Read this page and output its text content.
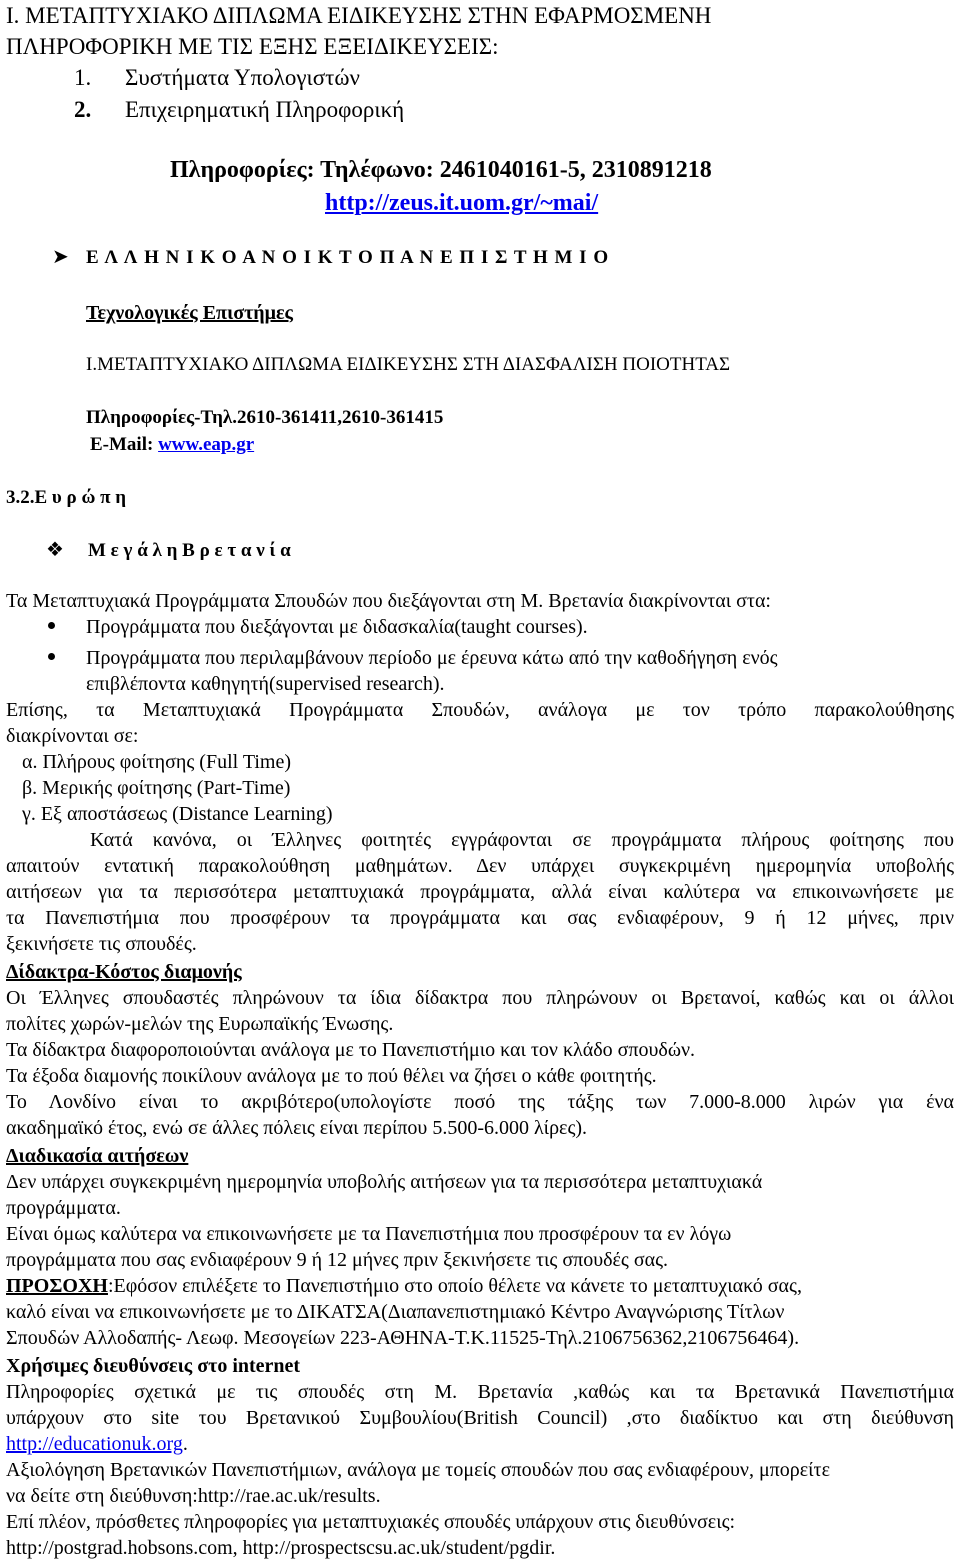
I. ΜΕΤΑΠΤΥΧΙΑΚΟ ΔΙΠΛΩΜΑ ΕΙΔΙΚΕΥΣΗΣ ΣΤΗΝ ΕΦΑΡΜΟΣΜΕΝΗ
ΠΛΗΡΟΦΟΡΙΚΗ ΜΕ ΤΙΣ ΕΞΗΣ ΕΞΕΙΔΙΚΕΥΣΕΙΣ:
1. Συστήματα Υπολογιστών
2. Επιχειρηματική Πληροφορική
Πληροφορίες: Τηλέφωνο: 2461040161-5, 2310891218
http://zeus.it.uom.gr/~mai/
➤ Ε Λ Λ Η Ν Ι Κ Ο Α Ν Ο Ι Κ Τ Ο Π Α Ν Ε Π Ι Σ Τ Η Μ Ι Ο
Τεχνολογικές Επιστήμες
Ι.ΜΕΤΑΠΤΥΧΙΑΚΟ ΔΙΠΛΩΜΑ ΕΙΔΙΚΕΥΣΗΣ ΣΤΗ ΔΙΑΣΦΑΛΙΣΗ ΠΟΙΟΤΗΤΑΣ
Πληροφορίες-Τηλ.2610-361411,2610-361415
E-Mail: www.eap.gr
3.2.Ε υ ρ ώ π η
❖ Μ ε γ ά λ η Β ρ ε τ α ν ί α
Τα Μεταπτυχιακά Προγράμματα Σπουδών που διεξάγονται στη Μ. Βρετανία διακρίνονται στα:
Προγράμματα που διεξάγονται με διδασκαλία(taught courses).
Προγράμματα που περιλαμβάνουν περίοδο με έρευνα κάτω από την καθοδήγηση ενός
επιβλέποντα καθηγητή(supervised research).
Επίσης, τα Μεταπτυχιακά Προγράμματα Σπουδών, ανάλογα με τον τρόπο παρακολούθησης
διακρίνονται σε:
α. Πλήρους φοίτησης (Full Time)
β. Μερικής φοίτησης (Part-Time)
γ. Εξ αποστάσεως (Distance Learning)
Κατά κανόνα, οι Έλληνες φοιτητές εγγράφονται σε προγράμματα πλήρους φοίτησης που
απαιτούν εντατική παρακολούθηση μαθημάτων. Δεν υπάρχει συγκεκριμένη ημερομηνία υποβολής
αιτήσεων για τα περισσότερα μεταπτυχιακά προγράμματα, αλλά είναι καλύτερα να επικοινωνήσετε με
τα Πανεπιστήμια που προσφέρουν τα προγράμματα και σας ενδιαφέρουν, 9 ή 12 μήνες, πριν
ξεκινήσετε τις σπουδές.
Δίδακτρα-Κόστος διαμονής
Οι Έλληνες σπουδαστές πληρώνουν τα ίδια δίδακτρα που πληρώνουν οι Βρετανοί, καθώς και οι άλλοι
πολίτες χωρών-μελών της Ευρωπαϊκής Ένωσης.
Τα δίδακτρα διαφοροποιούνται ανάλογα με το Πανεπιστήμιο και τον κλάδο σπουδών.
Τα έξοδα διαμονής ποικίλουν ανάλογα με το πού θέλει να ζήσει ο κάθε φοιτητής.
Το Λονδίνο είναι το ακριβότερο(υπολογίστε ποσό της τάξης των 7.000-8.000 λιρών για ένα
ακαδημαϊκό έτος, ενώ σε άλλες πόλεις είναι περίπου 5.500-6.000 λίρες).
Διαδικασία αιτήσεων
Δεν υπάρχει συγκεκριμένη ημερομηνία υποβολής αιτήσεων για τα περισσότερα μεταπτυχιακά
προγράμματα.
Είναι όμως καλύτερα να επικοινωνήσετε με τα Πανεπιστήμια που προσφέρουν τα εν λόγω
προγράμματα που σας ενδιαφέρουν 9 ή 12 μήνες πριν ξεκινήσετε τις σπουδές σας.
ΠΡΟΣΟΧΗ:Εφόσον επιλέξετε το Πανεπιστήμιο στο οποίο θέλετε να κάνετε το μεταπτυχιακό σας,
καλό είναι να επικοινωνήσετε με το ΔΙΚΑΤΣΑ(Διαπανεπιστημιακό Κέντρο Αναγνώρισης Τίτλων
Σπουδών Αλλοδαπής- Λεωφ. Μεσογείων 223-ΑΘΗΝΑ-Τ.Κ.11525-Τηλ.2106756362,2106756464).
Χρήσιμες διευθύνσεις στο internet
Πληροφορίες σχετικά με τις σπουδές στη Μ. Βρετανία ,καθώς και τα Βρετανικά Πανεπιστήμια
υπάρχουν στο site του Βρετανικού Συμβουλίου(British Council) ,στο διαδίκτυο και στη διεύθυνση
http://educationuk.org.
Αξιολόγηση Βρετανικών Πανεπιστήμιων, ανάλογα με τομείς σπουδών που σας ενδιαφέρουν, μπορείτε
να δείτε στη διεύθυνση:http://rae.ac.uk/results.
Επί πλέον, πρόσθετες πληροφορίες για μεταπτυχιακές σπουδές υπάρχουν στις διευθύνσεις:
http://postgrad.hobsons.com, http://prospectscsu.ac.uk/student/pgdir.
